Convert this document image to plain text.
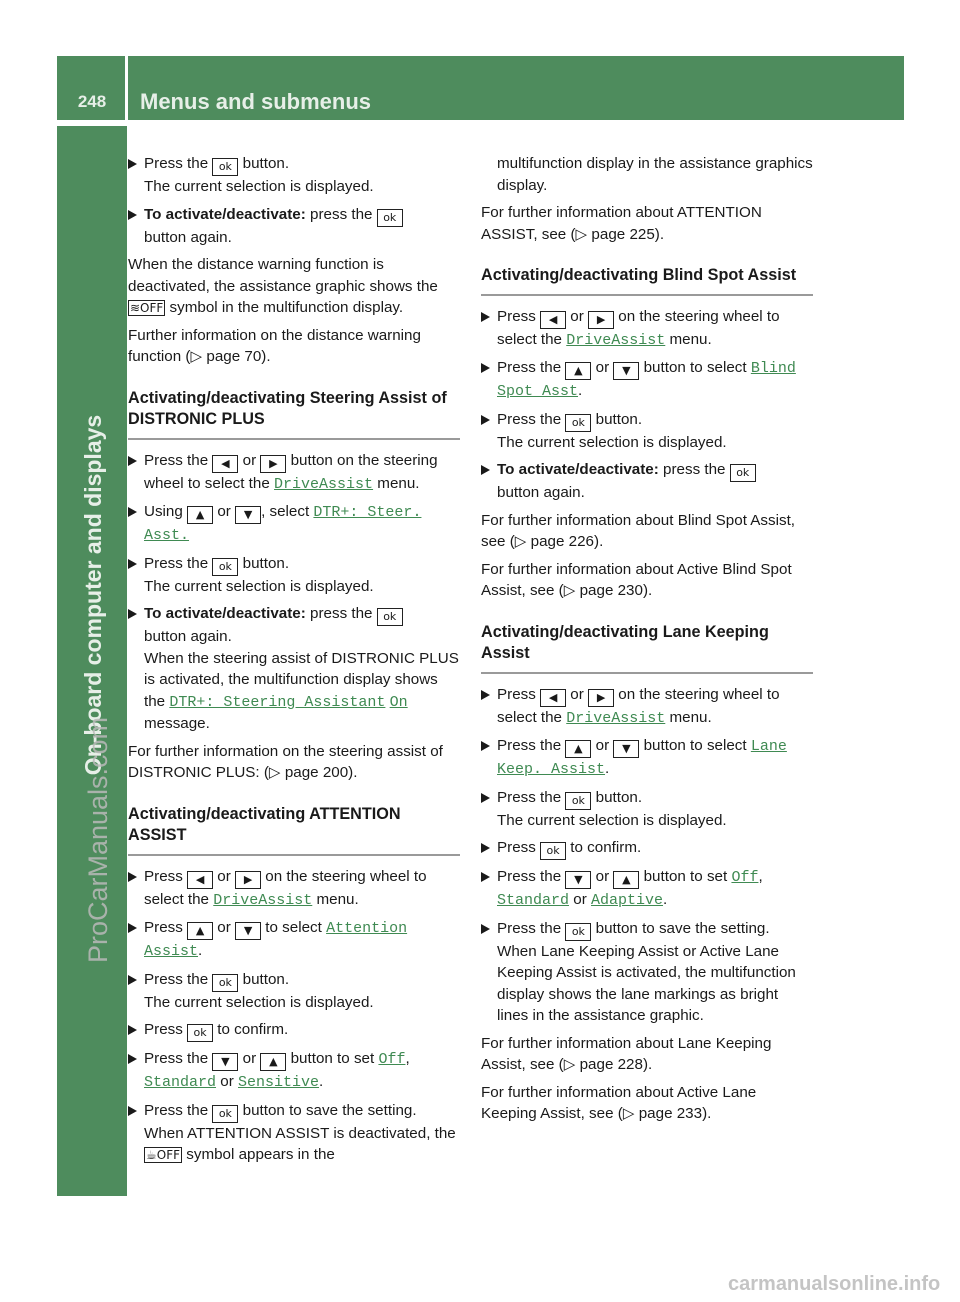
248	Menus and submenus
On-board computer and displays
ProCarManuals.com
carmanualsonline.info
Press the ok button.
The current selection is displayed.
To activate/deactivate: press the ok
button again.

When the distance warning function is deactivated, the assistance graphic shows the ≋OFF symbol in the multifunction display.

Further information on the distance warning function (▷ page 70).

Activating/deactivating Steering Assist of DISTRONIC PLUS
Press the ◀ or ▶ button on the steering wheel to select the DriveAssist menu.
Using ▲ or ▼ , select DTR+: Steer. Asst.
Press the ok button.
The current selection is displayed.
To activate/deactivate: press the ok
button again.
When the steering assist of DISTRONIC PLUS is activated, the multifunction display shows the DTR+: Steering Assistant On message.

For further information on the steering assist of DISTRONIC PLUS: (▷ page 200).

Activating/deactivating ATTENTION ASSIST
Press ◀ or ▶ on the steering wheel to select the DriveAssist menu.
Press ▲ or ▼ to select Attention Assist.
Press the ok button.
The current selection is displayed.
Press ok to confirm.
Press the ▼ or ▲ button to set Off, Standard or Sensitive.
Press the ok button to save the setting.
When ATTENTION ASSIST is deactivated, the ☕OFF symbol appears in the
multifunction display in the assistance graphics display.

For further information about ATTENTION ASSIST, see (▷ page 225).

Activating/deactivating Blind Spot Assist
Press ◀ or ▶ on the steering wheel to select the DriveAssist menu.
Press the ▲ or ▼ button to select Blind Spot Asst.
Press the ok button.
The current selection is displayed.
To activate/deactivate: press the ok
button again.

For further information about Blind Spot Assist, see (▷ page 226).

For further information about Active Blind Spot Assist, see (▷ page 230).

Activating/deactivating Lane Keeping Assist
Press ◀ or ▶ on the steering wheel to select the DriveAssist menu.
Press the ▲ or ▼ button to select Lane Keep. Assist.
Press the ok button.
The current selection is displayed.
Press ok to confirm.
Press the ▼ or ▲ button to set Off, Standard or Adaptive.
Press the ok button to save the setting.
When Lane Keeping Assist or Active Lane Keeping Assist is activated, the multifunction display shows the lane markings as bright lines in the assistance graphic.

For further information about Lane Keeping Assist, see (▷ page 228).

For further information about Active Lane Keeping Assist, see (▷ page 233).
